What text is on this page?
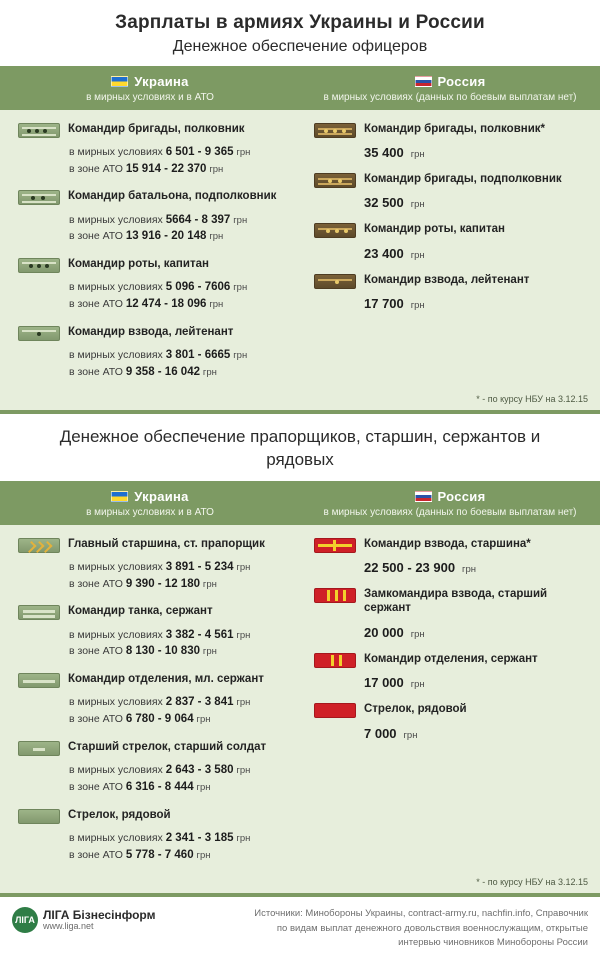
Зарплаты в армиях Украины и России
Денежное обеспечение офицеров
Украина
в мирных условиях и в АТО
Россия
в мирных условиях (данных по боевым выплатам нет)
Командир бригады, полковник
в мирных условиях 6 501 - 9 365 грн
в зоне АТО 15 914 - 22 370 грн
Командир батальона, подполковник
в мирных условиях 5664 - 8 397 грн
в зоне АТО 13 916 - 20 148 грн
Командир роты, капитан
в мирных условиях 5 096 - 7606 грн
в зоне АТО 12 474 - 18 096 грн
Командир взвода, лейтенант
в мирных условиях 3 801 - 6665 грн
в зоне АТО 9 358 - 16 042 грн
Командир бригады, полковник*
35 400 грн
Командир бригады, подполковник
32 500 грн
Командир роты, капитан
23 400 грн
Командир взвода, лейтенант
17 700 грн
* - по курсу НБУ на 3.12.15
Денежное обеспечение прапорщиков, старшин, сержантов и рядовых
Украина
в мирных условиях и в АТО
Россия
в мирных условиях (данных по боевым выплатам нет)
Главный старшина, ст. прапорщик
в мирных условиях 3 891 - 5 234 грн
в зоне АТО 9 390 - 12 180 грн
Командир танка, сержант
в мирных условиях 3 382 - 4 561 грн
в зоне АТО 8 130 - 10 830 грн
Командир отделения, мл. сержант
в мирных условиях 2 837 - 3 841 грн
в зоне АТО 6 780 - 9 064 грн
Старший стрелок, старший солдат
в мирных условиях 2 643 - 3 580 грн
в зоне АТО 6 316 - 8 444 грн
Стрелок, рядовой
в мирных условиях 2 341 - 3 185 грн
в зоне АТО 5 778 - 7 460 грн
Командир взвода, старшина*
22 500 - 23 900 грн
Замкомандира взвода, старший сержант
20 000 грн
Командир отделения, сержант
17 000 грн
Стрелок, рядовой
7 000 грн
* - по курсу НБУ на 3.12.15
ЛІГА ЛІГА Бізнесінформ
www.liga.net
Источники: Минобороны Украины, contract-army.ru, nachfin.info, Справочник
по видам выплат денежного довольствия военнослужащим, открытые
интервью чиновников Минобороны России
